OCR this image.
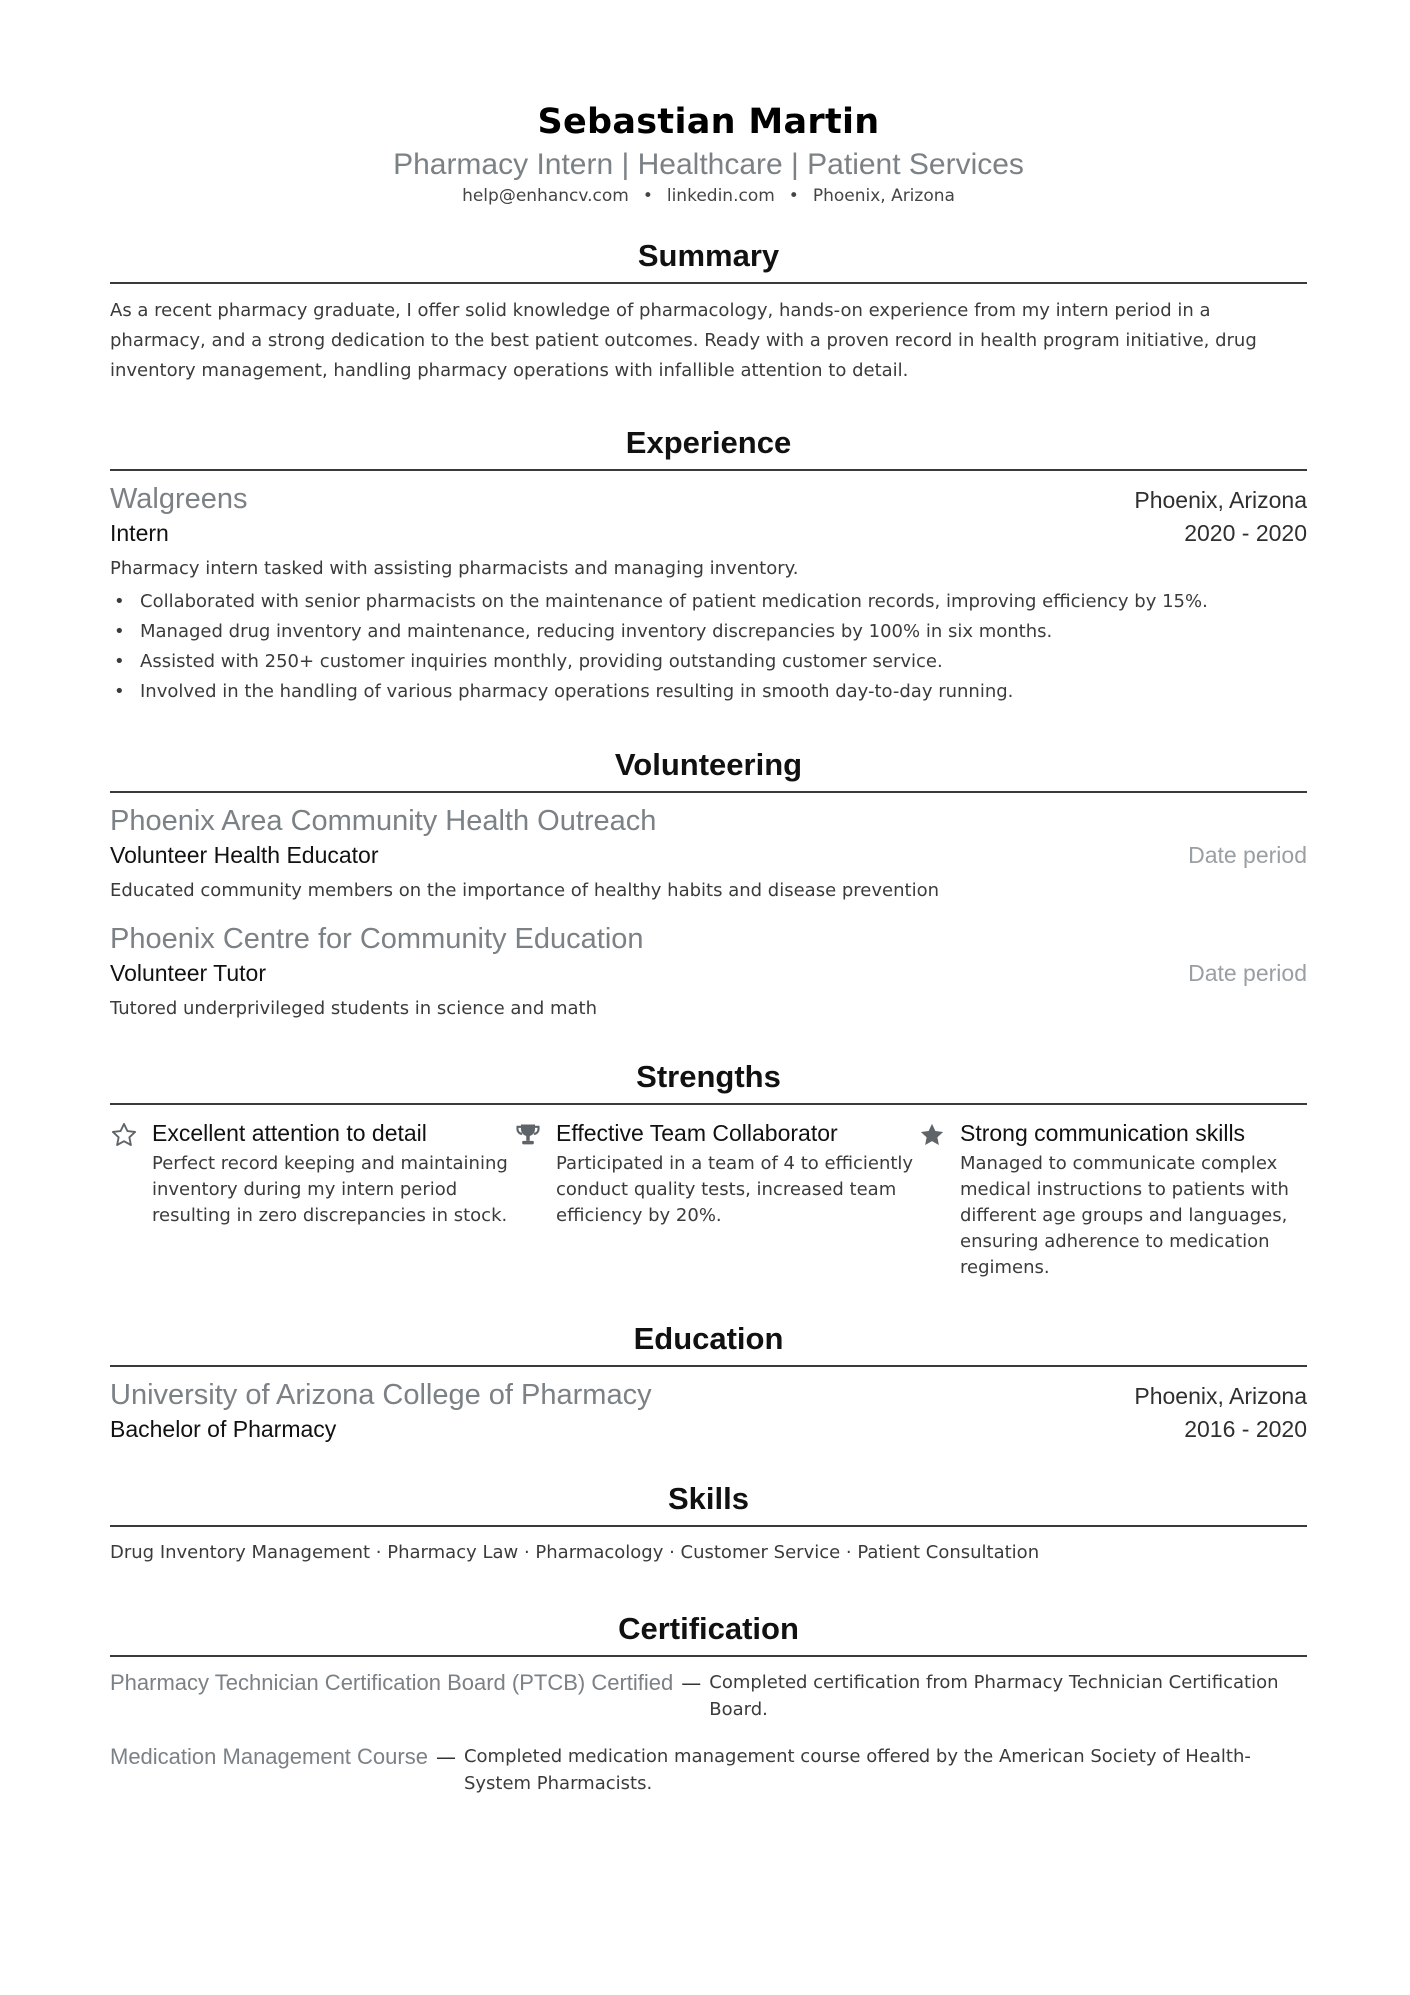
Sebastian Martin
Pharmacy Intern | Healthcare | Patient Services
help@enhancv.com • linkedin.com • Phoenix, Arizona
Summary
As a recent pharmacy graduate, I offer solid knowledge of pharmacology, hands-on experience from my intern period in a pharmacy, and a strong dedication to the best patient outcomes. Ready with a proven record in health program initiative, drug inventory management, handling pharmacy operations with infallible attention to detail.
Experience
Walgreens	Phoenix, Arizona
Intern	2020 - 2020
Pharmacy intern tasked with assisting pharmacists and managing inventory.
• Collaborated with senior pharmacists on the maintenance of patient medication records, improving efficiency by 15%.
• Managed drug inventory and maintenance, reducing inventory discrepancies by 100% in six months.
• Assisted with 250+ customer inquiries monthly, providing outstanding customer service.
• Involved in the handling of various pharmacy operations resulting in smooth day-to-day running.
Volunteering
Phoenix Area Community Health Outreach
Volunteer Health Educator	Date period
Educated community members on the importance of healthy habits and disease prevention
Phoenix Centre for Community Education
Volunteer Tutor	Date period
Tutored underprivileged students in science and math
Strengths
Excellent attention to detail
Perfect record keeping and maintaining inventory during my intern period resulting in zero discrepancies in stock.
Effective Team Collaborator
Participated in a team of 4 to efficiently conduct quality tests, increased team efficiency by 20%.
Strong communication skills
Managed to communicate complex medical instructions to patients with different age groups and languages, ensuring adherence to medication regimens.
Education
University of Arizona College of Pharmacy	Phoenix, Arizona
Bachelor of Pharmacy	2016 - 2020
Skills
Drug Inventory Management · Pharmacy Law · Pharmacology · Customer Service · Patient Consultation
Certification
Pharmacy Technician Certification Board (PTCB) Certified — Completed certification from Pharmacy Technician Certification Board.
Medication Management Course — Completed medication management course offered by the American Society of Health-System Pharmacists.
